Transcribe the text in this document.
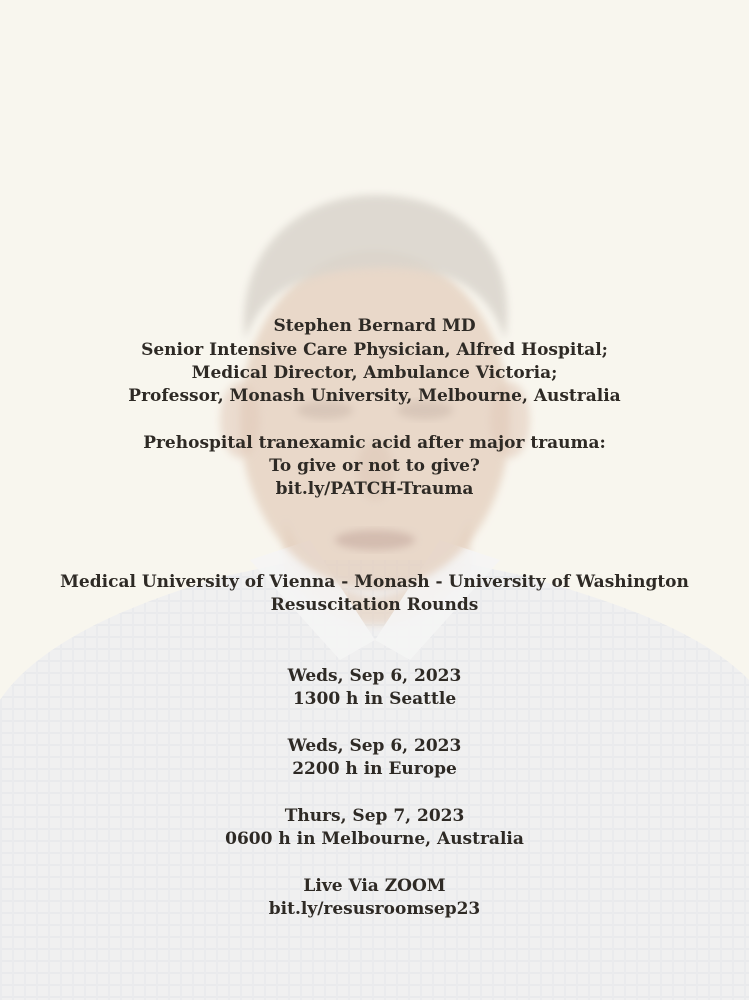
Stephen Bernard MD
Senior Intensive Care Physician, Alfred Hospital;
Medical Director, Ambulance Victoria;
Professor, Monash University, Melbourne, Australia
Prehospital tranexamic acid after major trauma:
To give or not to give?
bit.ly/PATCH-Trauma
Medical University of Vienna - Monash - University of Washington
Resuscitation Rounds
Weds, Sep 6, 2023
1300 h in Seattle
Weds, Sep 6, 2023
2200 h in Europe
Thurs, Sep 7, 2023
0600 h in Melbourne, Australia
Live Via ZOOM
bit.ly/resusroomsep23
